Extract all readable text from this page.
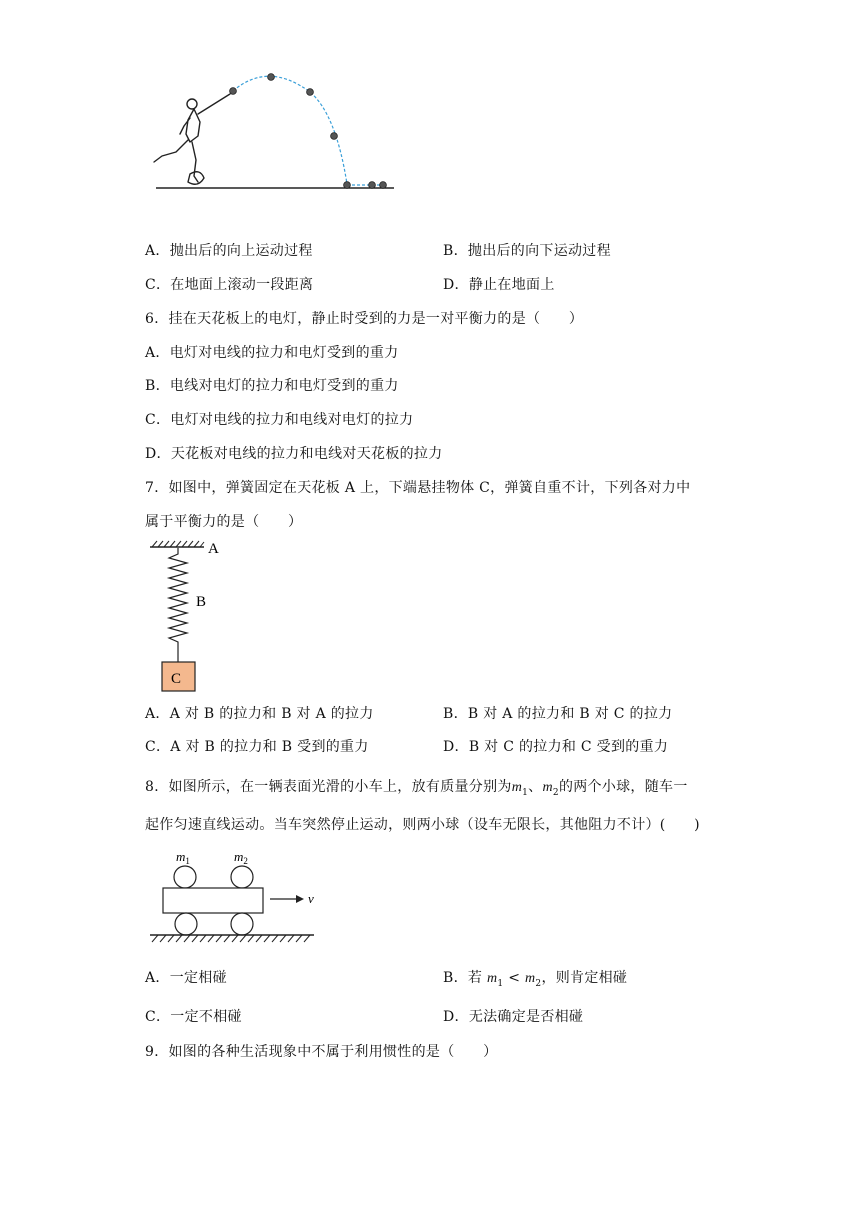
A．抛出后的向上运动过程	B．抛出后的向下运动过程
C．在地面上滚动一段距离	D．静止在地面上
6．挂在天花板上的电灯，静止时受到的力是一对平衡力的是（　　）
A．电灯对电线的拉力和电灯受到的重力
B．电线对电灯的拉力和电灯受到的重力
C．电灯对电线的拉力和电线对电灯的拉力
D．天花板对电线的拉力和电线对天花板的拉力
7．如图中，弹簧固定在天花板 A 上，下端悬挂物体 C，弹簧自重不计，下列各对力中
属于平衡力的是（　　）
A
B
C
A．A 对 B 的拉力和 B 对 A 的拉力	B．B 对 A 的拉力和 B 对 C 的拉力
C．A 对 B 的拉力和 B 受到的重力	D．B 对 C 的拉力和 C 受到的重力
8．如图所示，在一辆表面光滑的小车上，放有质量分别为$m_1$、$m_2$的两个小球，随车一
起作匀速直线运动。当车突然停止运动，则两小球（设车无限长，其他阻力不计）(　　)
$m_1$	$m_2$
v
A．一定相碰	B．若 $m_1 < m_2$，则肯定相碰
C．一定不相碰	D．无法确定是否相碰
9．如图的各种生活现象中不属于利用惯性的是（　　）
